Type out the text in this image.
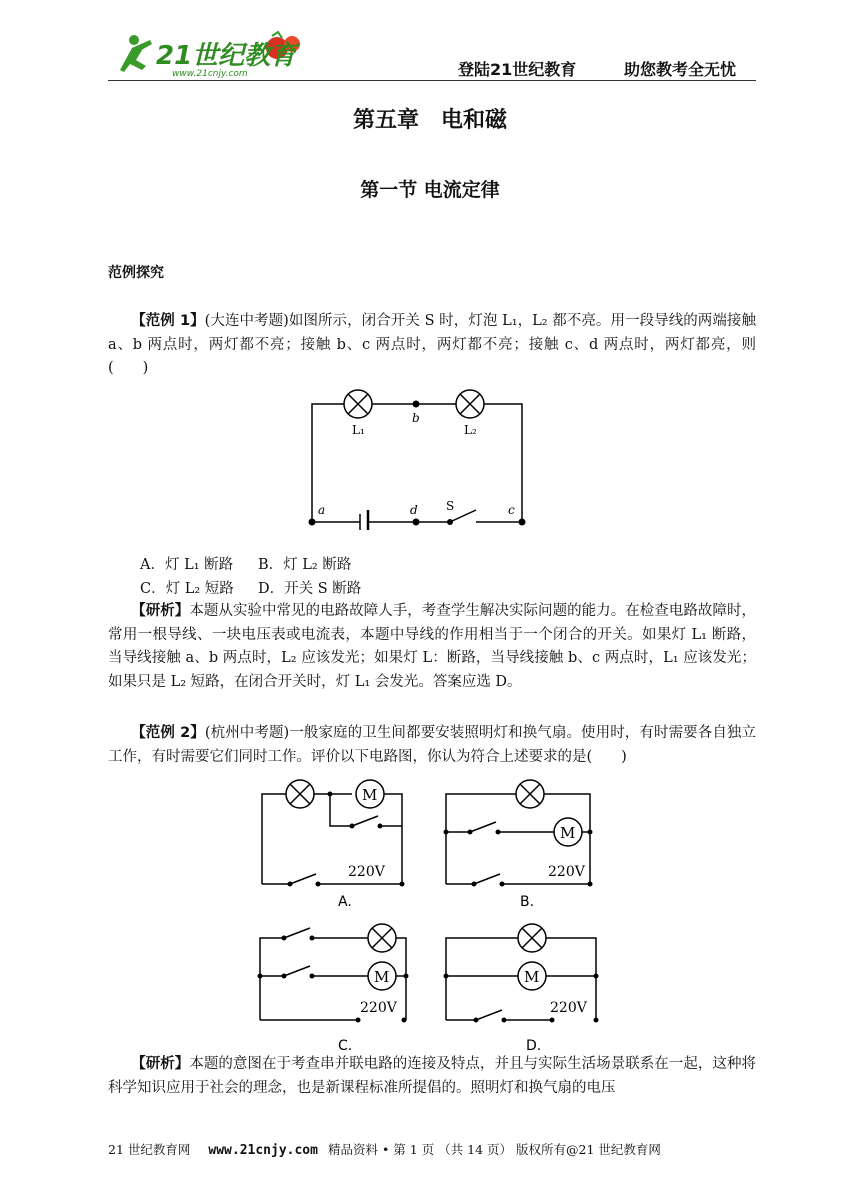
21世纪教育
www.21cnjy.com	登陆21世纪教育	助您教考全无忧
第五章　电和磁
第一节 电流定律
范例探究
【范例 1】(大连中考题)如图所示，闭合开关 S 时，灯泡 L₁，L₂ 都不亮。用一段导线的两端接触 a、b 两点时，两灯都不亮；接触 b、c 两点时，两灯都不亮；接触 c、d 两点时，两灯都亮，则　　(　　)
L₁
b
L₂
a	d S	c
A．灯 L₁ 断路 B．灯 L₂ 断路
C．灯 L₂ 短路 D．开关 S 断路
【研析】本题从实验中常见的电路故障人手，考查学生解决实际问题的能力。在检查电路故障时，常用一根导线、一块电压表或电流表，本题中导线的作用相当于一个闭合的开关。如果灯 L₁ 断路，当导线接触 a、b 两点时，L₂ 应该发光；如果灯 L：断路，当导线接触 b、c 两点时，L₁ 应该发光；如果只是 L₂ 短路，在闭合开关时，灯 L₁ 会发光。答案应选 D。
【范例 2】(杭州中考题)一般家庭的卫生间都要安装照明灯和换气扇。使用时，有时需要各自独立工作，有时需要它们同时工作。评价以下电路图，你认为符合上述要求的是(　　)
M
220V
A.
M
220V
B.
M
220V
C.
M
220V
D.
【研析】本题的意图在于考查串并联电路的连接及特点，并且与实际生活场景联系在一起，这种将科学知识应用于社会的理念，也是新课程标准所提倡的。照明灯和换气扇的电压
21 世纪教育网 www.21cnjy.com 精品资料 • 第 1 页 （共 14 页） 版权所有@21 世纪教育网
